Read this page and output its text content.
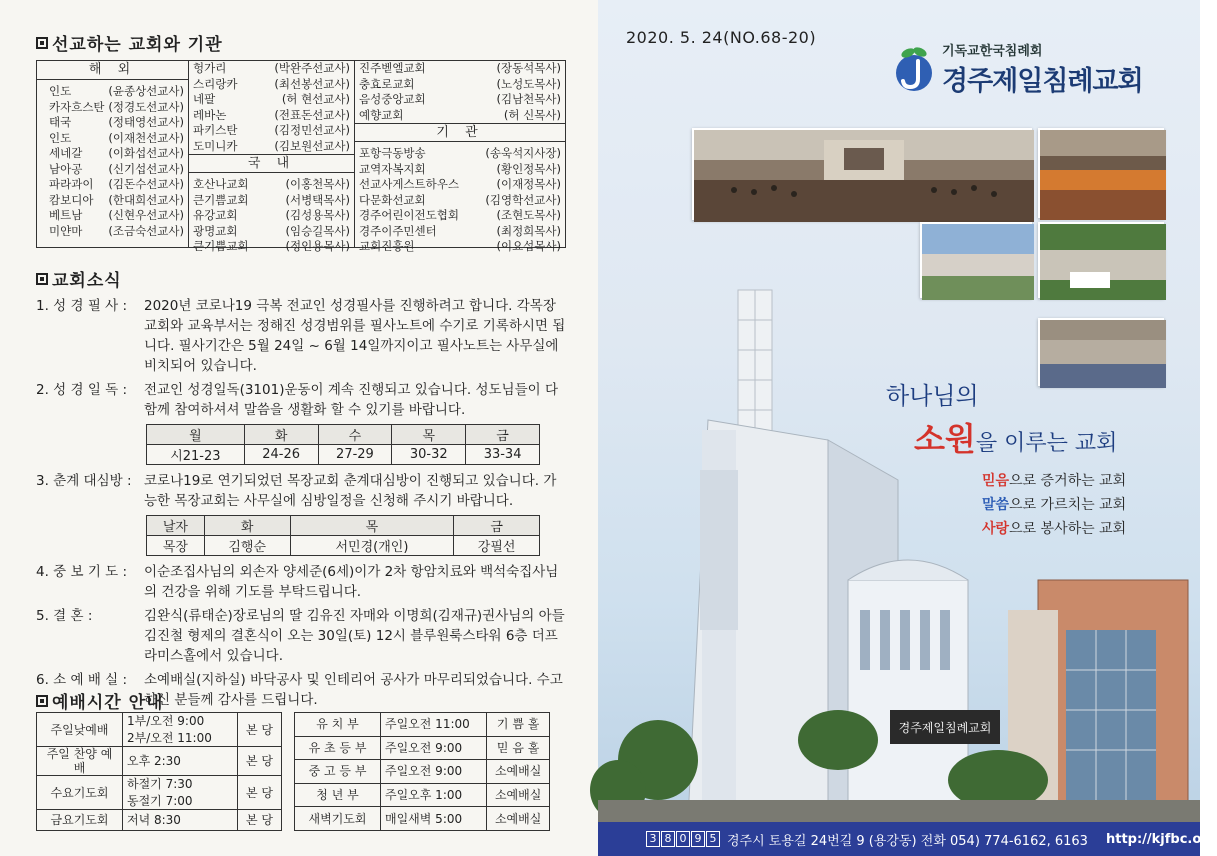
선교하는 교회와 기관
해 외
인도	(윤종상선교사)
카자흐스탄 (정경도선교사)
태국	(정태영선교사)
인도	(이재천선교사)
세네갈 (이화섭선교사)
남아공 (신기섭선교사)
파라과이 (김돈수선교사)
캄보디아 (한대희선교사)
베트남 (신현우선교사)
미얀마 (조금숙선교사)
헝가리	(박완주선교사)
스리랑카	(최선봉선교사)
네팔	(허 현선교사)
레바논	(전표돈선교사)
파키스탄	(김정민선교사)
도미니카	(김보원선교사)
국 내
호산나교회	(이홍천목사)
큰기쁨교회	(서병택목사)
유강교회	(김성용목사)
광명교회	(임승길목사)
큰기쁨교회	(정인용목사)
진주벧엘교회	(장동석목사)
충효로교회	(노성도목사)
음성중앙교회	(김남천목사)
예향교회	(허 신목사)
기 관
포항극동방송	(송욱석지사장)
교역자복지회	(황인정목사)
선교사게스트하우스	(이재정목사)
다문화선교회	(김영학선교사)
경주어린이전도협회	(조현도목사)
경주이주민센터	(최정희목사)
교회진흥원	(이요섭목사)
교회소식
1. 성 경 필 사 :	2020년 코로나19 극복 전교인 성경필사를 진행하려고 합니다. 각목장교회와 교육부서는 정해진 성경범위를 필사노트에 수기로 기록하시면 됩니다. 필사기간은 5월 24일 ~ 6월 14일까지이고 필사노트는 사무실에 비치되어 있습니다.
2. 성 경 일 독 :	전교인 성경일독(3101)운동이 계속 진행되고 있습니다. 성도님들이 다함께 참여하셔셔 말씀을 생활화 할 수 있기를 바랍니다.
월	화	수	목	금
시21-23	24-26	27-29	30-32	33-34
3. 춘계 대심방 : 코로나19로 연기되었던 목장교회 춘계대심방이 진행되고 있습니다. 가능한 목장교회는 사무실에 심방일정을 신청해 주시기 바랍니다.
날자	화	목	금
목장	김행순	서민경(개인)	강필선
4. 중 보 기 도 :	이순조집사님의 외손자 양세준(6세)이가 2차 항암치료와 백석숙집사님의 건강을 위해 기도를 부탁드립니다.
5. 결 혼 :	김완식(류태순)장로님의 딸 김유진 자매와 이명희(김재규)권사님의 아들 김진철 형제의 결혼식이 오는 30일(토) 12시 블루원룩스타워 6층 더프라미스홀에서 있습니다.
6. 소 예 배 실 :	소예배실(지하실) 바닥공사 및 인테리어 공사가 마무리되었습니다. 수고하신 분들께 감사를 드립니다.
예배시간 안내
주일낮예배	1부/오전 9:00	본 당
	2부/오전 11:00	
주일 찬양 예배	오후 2:30	본 당
수요기도회	하절기 7:30	본 당
	동절기 7:00	
금요기도회	저녁 8:30	본 당
유 치 부	주일오전 11:00	기 쁨 홀
유 초 등 부	주일오전 9:00	믿 음 홀
중 고 등 부	주일오전 9:00	소예배실
청 년 부	주일오후 1:00	소예배실
새벽기도회	매일새벽 5:00	소예배실
2020. 5. 24(NO.68-20)
기독교한국침례회
경주제일침례교회
하나님의
소원을 이루는 교회
믿음으로 증거하는 교회
말씀으로 가르치는 교회
사랑으로 봉사하는 교회
경주제일침례교회
3 8 0 9 5 경주시 토용길 24번길 9 (용강동) 전화 054) 774-6162, 6163 http://kjfbc.org
